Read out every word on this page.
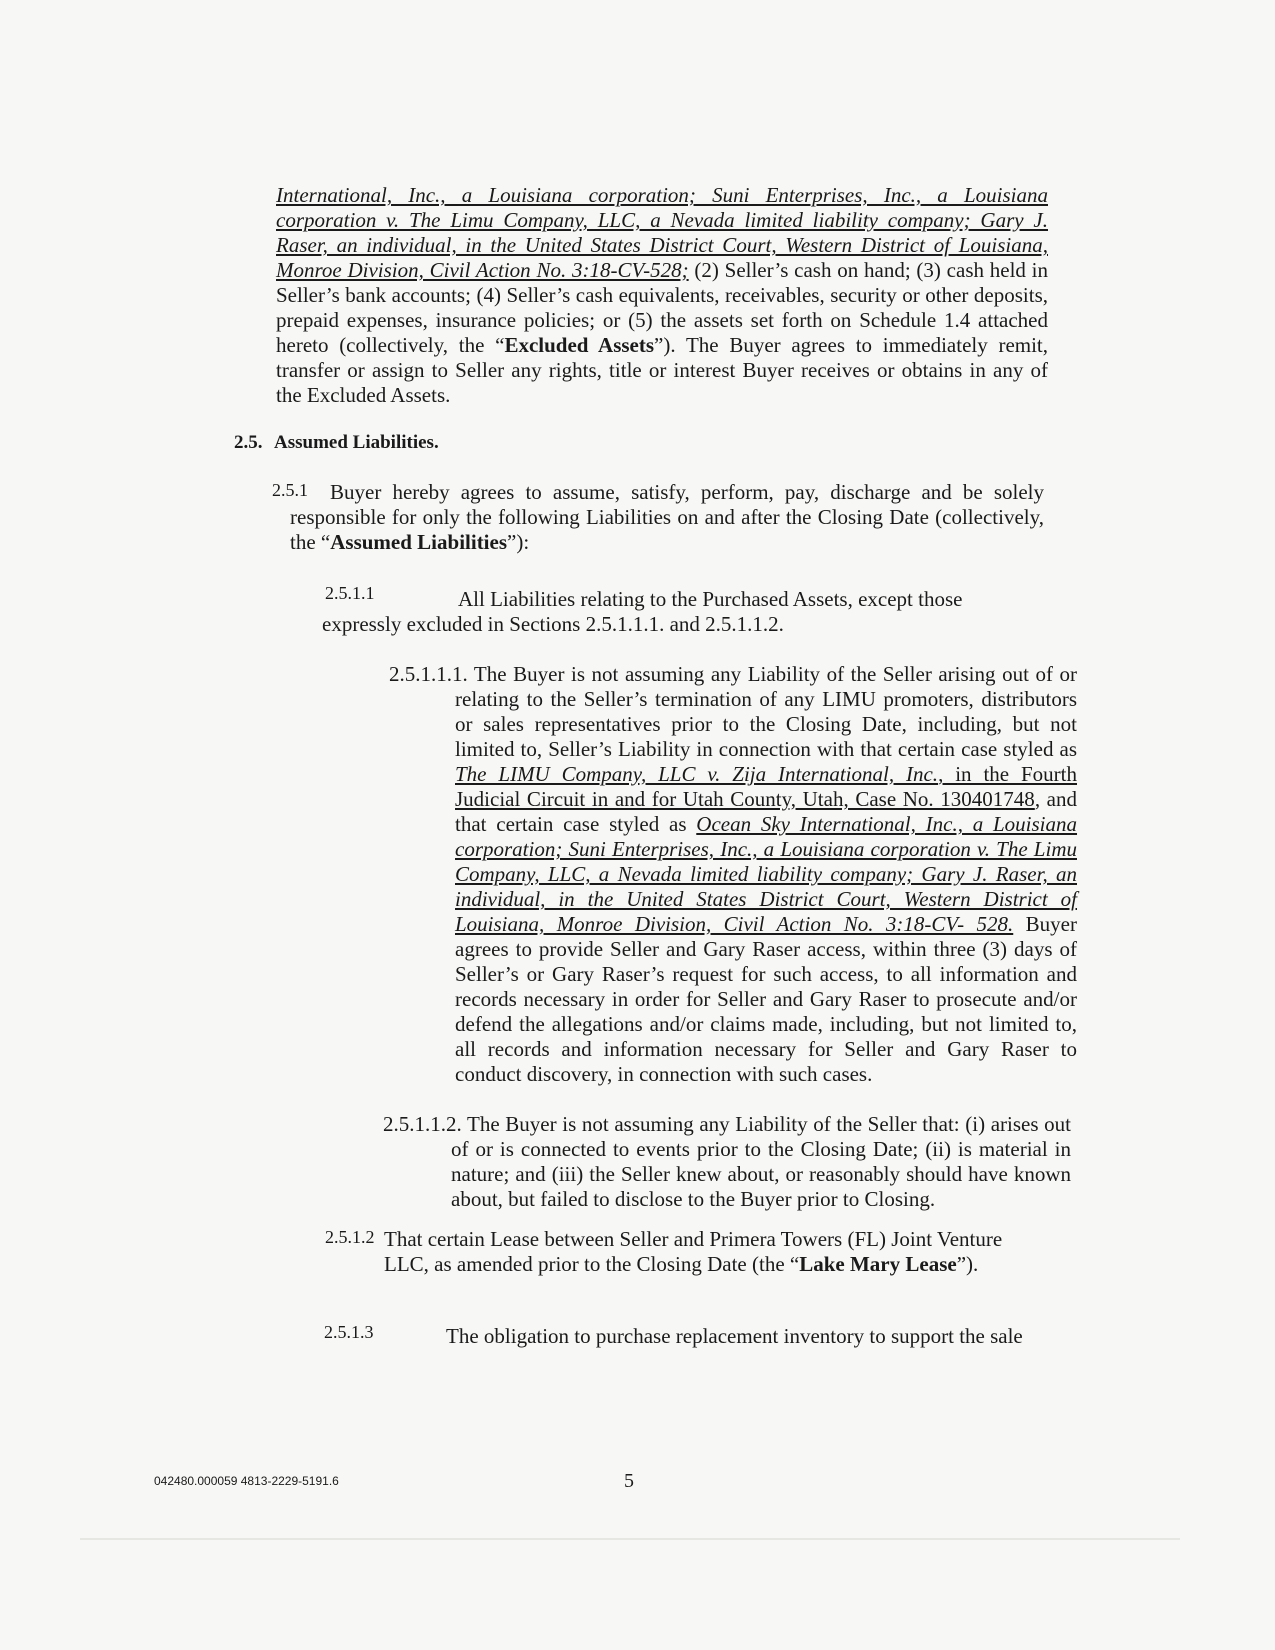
International, Inc., a Louisiana corporation; Suni Enterprises, Inc., a Louisiana corporation v. The Limu Company, LLC, a Nevada limited liability company; Gary J. Raser, an individual, in the United States District Court, Western District of Louisiana, Monroe Division, Civil Action No. 3:18-CV-528; (2) Seller’s cash on hand; (3) cash held in Seller’s bank accounts; (4) Seller’s cash equivalents, receivables, security or other deposits, prepaid expenses, insurance policies; or (5) the assets set forth on Schedule 1.4 attached hereto (collectively, the “Excluded Assets”). The Buyer agrees to immediately remit, transfer or assign to Seller any rights, title or interest Buyer receives or obtains in any of the Excluded Assets.
2.5. Assumed Liabilities.
2.5.1	Buyer hereby agrees to assume, satisfy, perform, pay, discharge and be solely responsible for only the following Liabilities on and after the Closing Date (collectively, the “Assumed Liabilities”):
2.5.1.1	All Liabilities relating to the Purchased Assets, except those
expressly excluded in Sections 2.5.1.1.1. and 2.5.1.1.2.
2.5.1.1.1. The Buyer is not assuming any Liability of the Seller arising out of or relating to the Seller’s termination of any LIMU promoters, distributors or sales representatives prior to the Closing Date, including, but not limited to, Seller’s Liability in connection with that certain case styled as The LIMU Company, LLC v. Zija International, Inc., in the Fourth Judicial Circuit in and for Utah County, Utah, Case No. 130401748, and that certain case styled as Ocean Sky International, Inc., a Louisiana corporation; Suni Enterprises, Inc., a Louisiana corporation v. The Limu Company, LLC, a Nevada limited liability company; Gary J. Raser, an individual, in the United States District Court, Western District of Louisiana, Monroe Division, Civil Action No. 3:18-CV- 528. Buyer agrees to provide Seller and Gary Raser access, within three (3) days of Seller’s or Gary Raser’s request for such access, to all information and records necessary in order for Seller and Gary Raser to prosecute and/or defend the allegations and/or claims made, including, but not limited to, all records and information necessary for Seller and Gary Raser to conduct discovery, in connection with such cases.
2.5.1.1.2. The Buyer is not assuming any Liability of the Seller that: (i) arises out of or is connected to events prior to the Closing Date; (ii) is material in nature; and (iii) the Seller knew about, or reasonably should have known about, but failed to disclose to the Buyer prior to Closing.
2.5.1.2 That certain Lease between Seller and Primera Towers (FL) Joint Venture LLC, as amended prior to the Closing Date (the “Lake Mary Lease”).
2.5.1.3	The obligation to purchase replacement inventory to support the sale
042480.000059 4813-2229-5191.6	5
